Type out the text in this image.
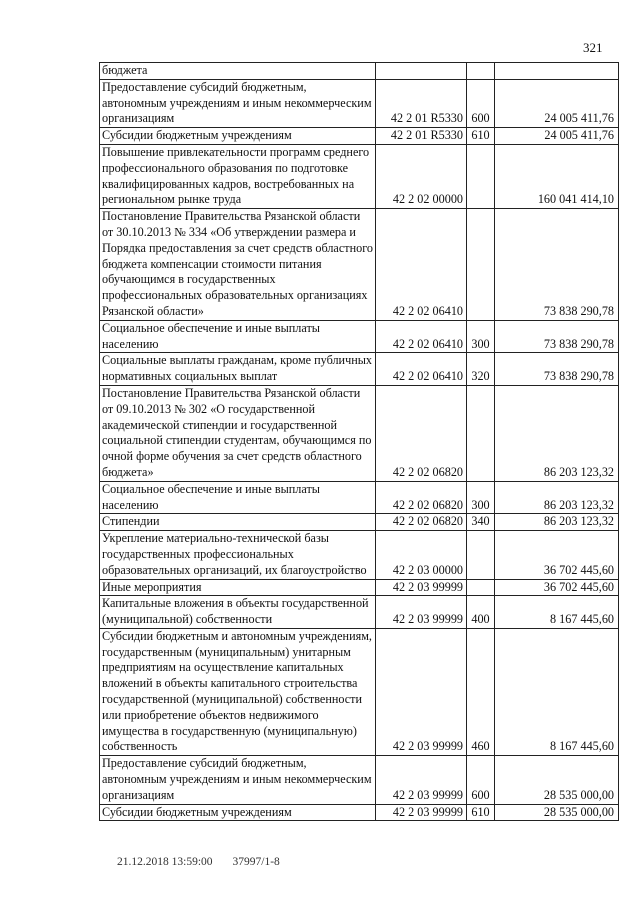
321
бюджета			
Предоставление субсидий бюджетным, автономным учреждениям и иным некоммерческим организациям	42 2 01 R5330	600	24 005 411,76
Субсидии бюджетным учреждениям	42 2 01 R5330	610	24 005 411,76
Повышение привлекательности программ среднего профессионального образования по подготовке квалифицированных кадров, востребованных на региональном рынке труда	42 2 02 00000		160 041 414,10
Постановление Правительства Рязанской области от 30.10.2013 № 334 «Об утверждении размера и Порядка предоставления за счет средств областного бюджета компенсации стоимости питания обучающимся в государственных профессиональных образовательных организациях Рязанской области»	42 2 02 06410		73 838 290,78
Социальное обеспечение и иные выплаты населению	42 2 02 06410	300	73 838 290,78
Социальные выплаты гражданам, кроме публичных нормативных социальных выплат	42 2 02 06410	320	73 838 290,78
Постановление Правительства Рязанской области от 09.10.2013 № 302 «О государственной академической стипендии и государственной социальной стипендии студентам, обучающимся по очной форме обучения за счет средств областного бюджета»	42 2 02 06820		86 203 123,32
Социальное обеспечение и иные выплаты населению	42 2 02 06820	300	86 203 123,32
Стипендии	42 2 02 06820	340	86 203 123,32
Укрепление материально-технической базы государственных профессиональных образовательных организаций, их благоустройство	42 2 03 00000		36 702 445,60
Иные мероприятия	42 2 03 99999		36 702 445,60
Капитальные вложения в объекты государственной (муниципальной) собственности	42 2 03 99999	400	8 167 445,60
Субсидии бюджетным и автономным учреждениям, государственным (муниципальным) унитарным предприятиям на осуществление капитальных вложений в объекты капитального строительства государственной (муниципальной) собственности или приобретение объектов недвижимого имущества в государственную (муниципальную) собственность	42 2 03 99999	460	8 167 445,60
Предоставление субсидий бюджетным, автономным учреждениям и иным некоммерческим организациям	42 2 03 99999	600	28 535 000,00
Субсидии бюджетным учреждениям	42 2 03 99999	610	28 535 000,00
21.12.2018 13:59:00 37997/1-8
